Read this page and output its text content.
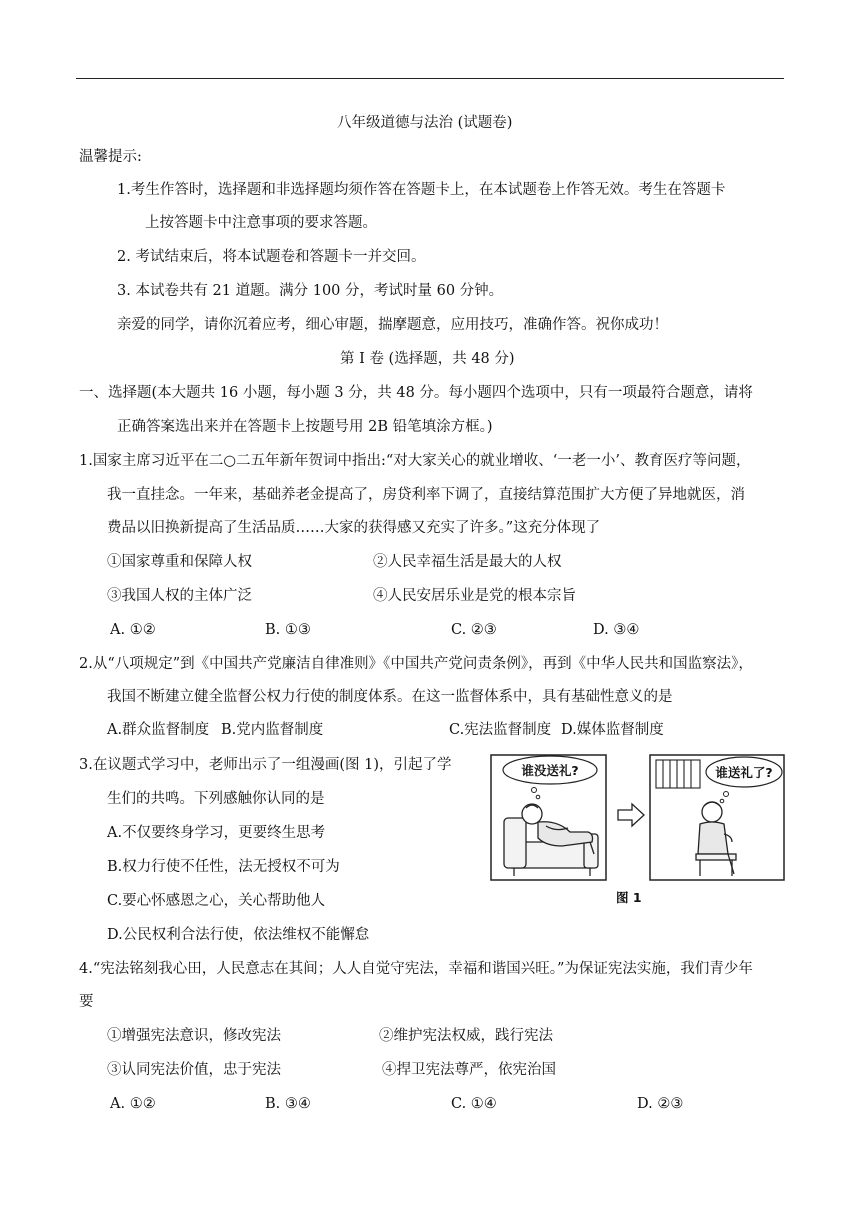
八年级道德与法治 (试题卷)
温馨提示:
1.考生作答时，选择题和非选择题均须作答在答题卡上，在本试题卷上作答无效。考生在答题卡
上按答题卡中注意事项的要求答题。
2. 考试结束后，将本试题卷和答题卡一并交回。
3. 本试卷共有 21 道题。满分 100 分，考试时量 60 分钟。
亲爱的同学，请你沉着应考，细心审题，揣摩题意，应用技巧，准确作答。祝你成功！
第 Ⅰ 卷 (选择题，共 48 分)
一、选择题(本大题共 16 小题，每小题 3 分，共 48 分。每小题四个选项中，只有一项最符合题意，请将
正确答案选出来并在答题卡上按题号用 2B 铅笔填涂方框。)
1.国家主席习近平在二○二五年新年贺词中指出:“对大家关心的就业增收、‘一老一小’、教育医疗等问题，
我一直挂念。一年来，基础养老金提高了，房贷利率下调了，直接结算范围扩大方便了异地就医，消
费品以旧换新提高了生活品质……大家的获得感又充实了许多。”这充分体现了
①国家尊重和保障人权	②人民幸福生活是最大的人权
③我国人权的主体广泛	④人民安居乐业是党的根本宗旨
A. ①②	B. ①③	C. ②③	D. ③④
2.从“八项规定”到《中国共产党廉洁自律准则》《中国共产党问责条例》，再到《中华人民共和国监察法》，
我国不断建立健全监督公权力行使的制度体系。在这一监督体系中，具有基础性意义的是
A.群众监督制度 B.党内监督制度	C.宪法监督制度 D.媒体监督制度
3.在议题式学习中，老师出示了一组漫画(图 1)，引起了学
生们的共鸣。下列感触你认同的是
A.不仅要终身学习，更要终生思考
B.权力行使不任性，法无授权不可为
C.要心怀感恩之心，关心帮助他人
D.公民权利合法行使，依法维权不能懈怠
谁没送礼?	谁送礼了?
图 1
4.“宪法铭刻我心田，人民意志在其间；人人自觉守宪法，幸福和谐国兴旺。”为保证宪法实施，我们青少年
要
①增强宪法意识，修改宪法	②维护宪法权威，践行宪法
③认同宪法价值，忠于宪法	④捍卫宪法尊严，依宪治国
A. ①②	B. ③④	C. ①④	D. ②③
